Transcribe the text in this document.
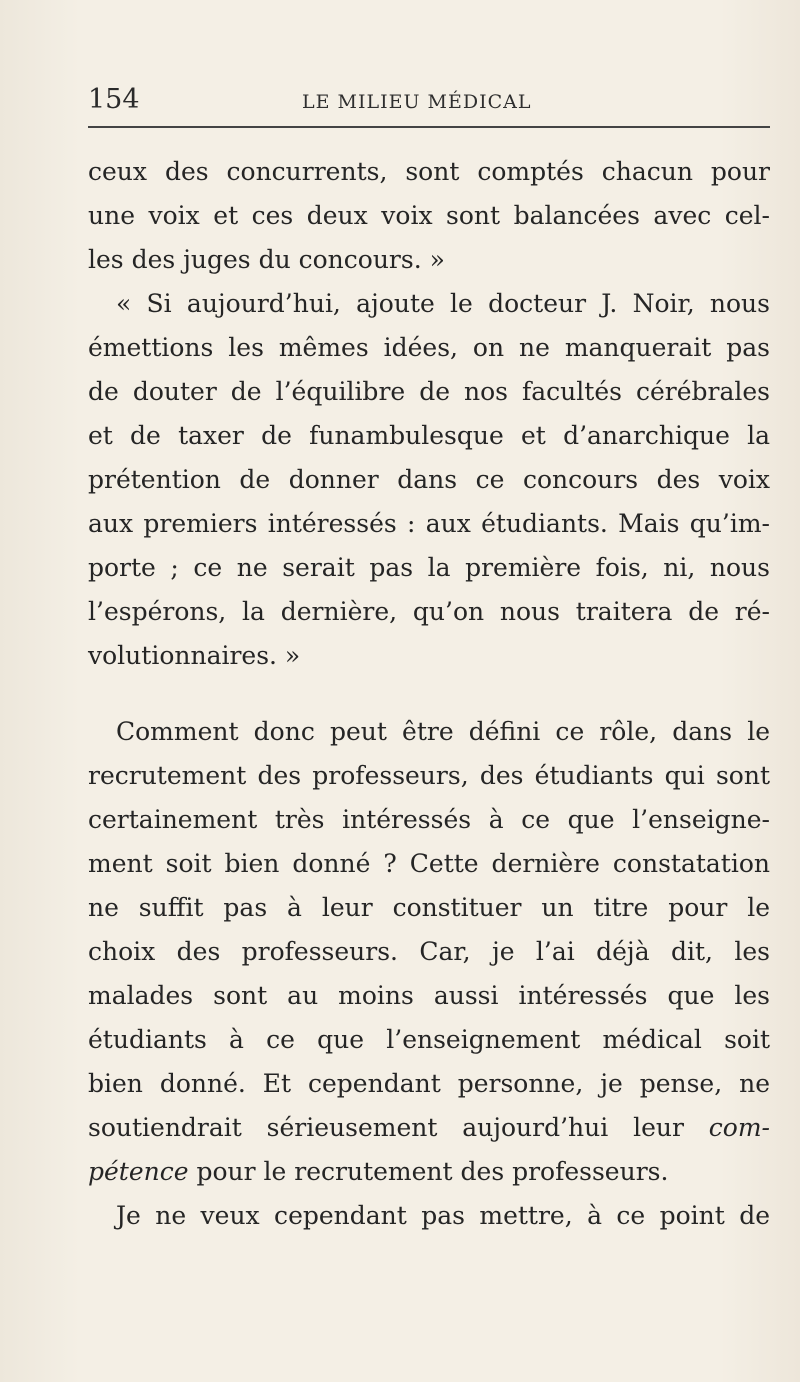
154	LE MILIEU MÉDICAL
ceux des concurrents, sont comptés chacun pour
une voix et ces deux voix sont balancées avec cel-
les des juges du concours. »
« Si aujourd’hui, ajoute le docteur J. Noir, nous
émettions les mêmes idées, on ne manquerait pas
de douter de l’équilibre de nos facultés cérébrales
et de taxer de funambulesque et d’anarchique la
prétention de donner dans ce concours des voix
aux premiers intéressés : aux étudiants. Mais qu’im-
porte ; ce ne serait pas la première fois, ni, nous
l’espérons, la dernière, qu’on nous traitera de ré-
volutionnaires. »
Comment donc peut être défini ce rôle, dans le
recrutement des professeurs, des étudiants qui sont
certainement très intéressés à ce que l’enseigne-
ment soit bien donné ? Cette dernière constatation
ne suffit pas à leur constituer un titre pour le
choix des professeurs. Car, je l’ai déjà dit, les
malades sont au moins aussi intéressés que les
étudiants à ce que l’enseignement médical soit
bien donné. Et cependant personne, je pense, ne
soutiendrait sérieusement aujourd’hui leur com-
pétence pour le recrutement des professeurs.
Je ne veux cependant pas mettre, à ce point de
